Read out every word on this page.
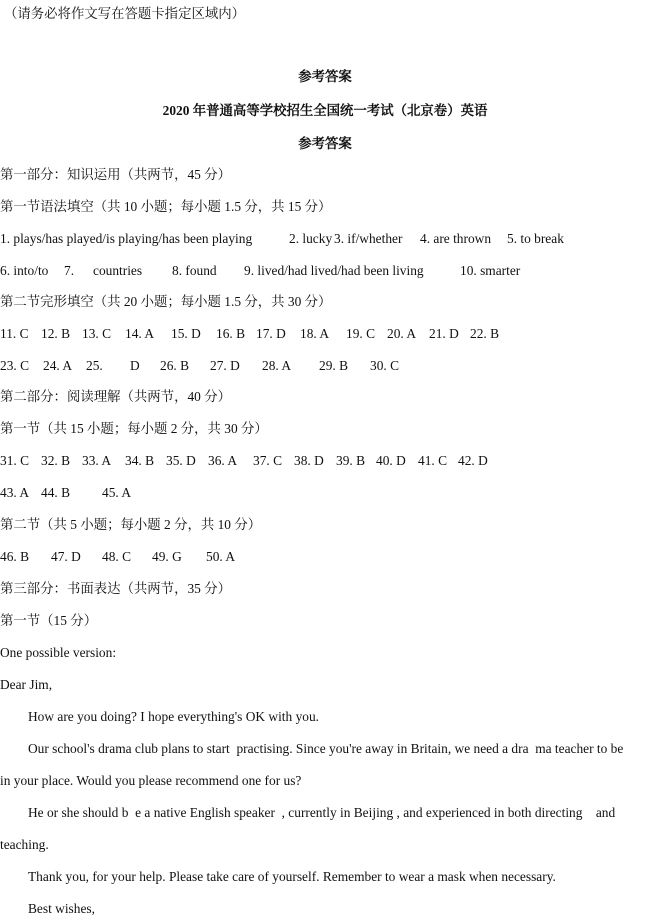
（请务必将作文写在答题卡指定区域内）
参考答案
2020 年普通高等学校招生全国统一考试（北京卷）英语
参考答案
第一部分：知识运用（共两节，45 分）
第一节语法填空（共 10 小题；每小题 1.5 分，共 15 分）
1. plays/has played/is playing/has been playing	2. lucky 3. if/whether 4. are thrown 5. to break
6. into/to 7. countries 8. found 9. lived/had lived/had been living	10. smarter
第二节完形填空（共 20 小题；每小题 1.5 分，共 30 分）
11. C 12. B 13. C 14. A 15. D 16. B 17. D 18. A 19. C 20. A 21. D 22. B
23. C 24. A 25. D 26. B 27. D 28. A 29. B 30. C
第二部分：阅读理解（共两节，40 分）
第一节（共 15 小题；每小题 2 分，共 30 分）
31. C 32. B 33. A 34. B 35. D 36. A 37. C 38. D 39. B 40. D 41. C 42. D
43. A 44. B 45. A
第二节（共 5 小题；每小题 2 分，共 10 分）
46. B 47. D 48. C 49. G 50. A
第三部分：书面表达（共两节，35 分）
第一节（15 分）
One possible version:
Dear Jim,
How are you doing? I hope everything's OK with you.
Our school's drama club plans to start  practising. Since you're away in Britain, we need a dra  ma teacher to be
in your place. Would you please recommend one for us?
He or she should b  e a native English speaker  , currently in Beijing , and experienced in both directing    and
teaching.
Thank you, for your help. Please take care of yourself. Remember to wear a mask when necessary.
Best wishes,
